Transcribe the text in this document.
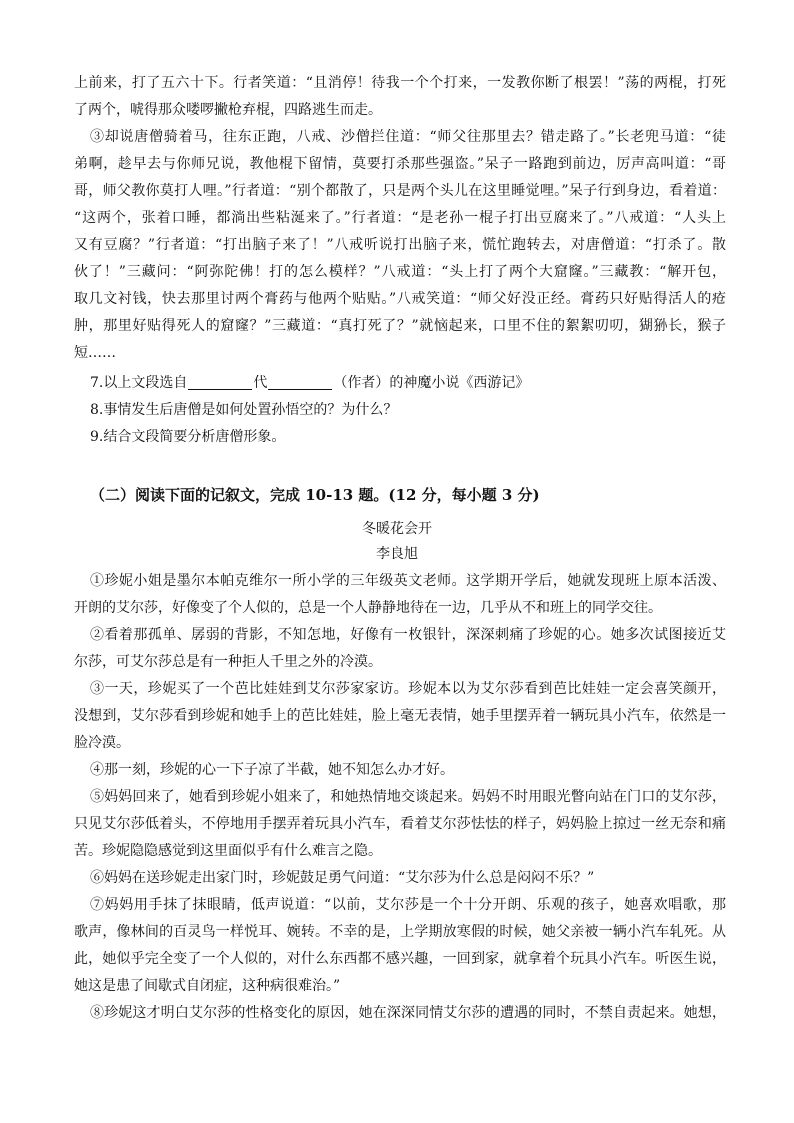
上前来，打了五六十下。行者笑道：“且消停！待我一个个打来，一发教你断了根罢！”荡的两棍，打死
了两个，唬得那众喽啰撇枪弃棍，四路逃生而走。
③却说唐僧骑着马，往东正跑，八戒、沙僧拦住道：“师父往那里去？错走路了。”长老兜马道：“徒
弟啊，趁早去与你师兄说，教他棍下留情，莫要打杀那些强盗。”呆子一路跑到前边，厉声高叫道：“哥
哥，师父教你莫打人哩。”行者道：“别个都散了，只是两个头儿在这里睡觉哩。”呆子行到身边，看着道：
“这两个，张着口睡，都淌出些粘涎来了。”行者道：“是老孙一棍子打出豆腐来了。”八戒道：“人头上
又有豆腐？”行者道：“打出脑子来了！”八戒听说打出脑子来，慌忙跑转去，对唐僧道：“打杀了。散
伙了！”三藏问：“阿弥陀佛！打的怎么模样？”八戒道：“头上打了两个大窟窿。”三藏教：“解开包，
取几文衬钱，快去那里讨两个膏药与他两个贴贴。”八戒笑道：“师父好没正经。膏药只好贴得活人的疮
肿，那里好贴得死人的窟窿？”三藏道：“真打死了？”就恼起来，口里不住的絮絮叨叨，猢狲长，猴子
短……
7.以上文段选自	代	（作者）的神魔小说《西游记》
8.事情发生后唐僧是如何处置孙悟空的？为什么？
9.结合文段简要分析唐僧形象。
（二）阅读下面的记叙文，完成 10-13 题。(12 分，每小题 3 分)
冬暖花会开
李良旭
①珍妮小姐是墨尔本帕克维尔一所小学的三年级英文老师。这学期开学后，她就发现班上原本活泼、
开朗的艾尔莎，好像变了个人似的，总是一个人静静地待在一边，几乎从不和班上的同学交往。
②看着那孤单、孱弱的背影，不知怎地，好像有一枚银针，深深刺痛了珍妮的心。她多次试图接近艾
尔莎，可艾尔莎总是有一种拒人千里之外的冷漠。
③一天，珍妮买了一个芭比娃娃到艾尔莎家家访。珍妮本以为艾尔莎看到芭比娃娃一定会喜笑颜开，
没想到，艾尔莎看到珍妮和她手上的芭比娃娃，脸上毫无表情，她手里摆弄着一辆玩具小汽车，依然是一
脸冷漠。
④那一刻，珍妮的心一下子凉了半截，她不知怎么办才好。
⑤妈妈回来了，她看到珍妮小姐来了，和她热情地交谈起来。妈妈不时用眼光瞥向站在门口的艾尔莎，
只见艾尔莎低着头，不停地用手摆弄着玩具小汽车，看着艾尔莎怯怯的样子，妈妈脸上掠过一丝无奈和痛
苦。珍妮隐隐感觉到这里面似乎有什么难言之隐。
⑥妈妈在送珍妮走出家门时，珍妮鼓足勇气问道：“艾尔莎为什么总是闷闷不乐？”
⑦妈妈用手抹了抹眼睛，低声说道：“以前，艾尔莎是一个十分开朗、乐观的孩子，她喜欢唱歌，那
歌声，像林间的百灵鸟一样悦耳、婉转。不幸的是，上学期放寒假的时候，她父亲被一辆小汽车轧死。从
此，她似乎完全变了一个人似的，对什么东西都不感兴趣，一回到家，就拿着个玩具小汽车。听医生说，
她这是患了间歇式自闭症，这种病很难治。”
⑧珍妮这才明白艾尔莎的性格变化的原因，她在深深同情艾尔莎的遭遇的同时，不禁自责起来。她想，
